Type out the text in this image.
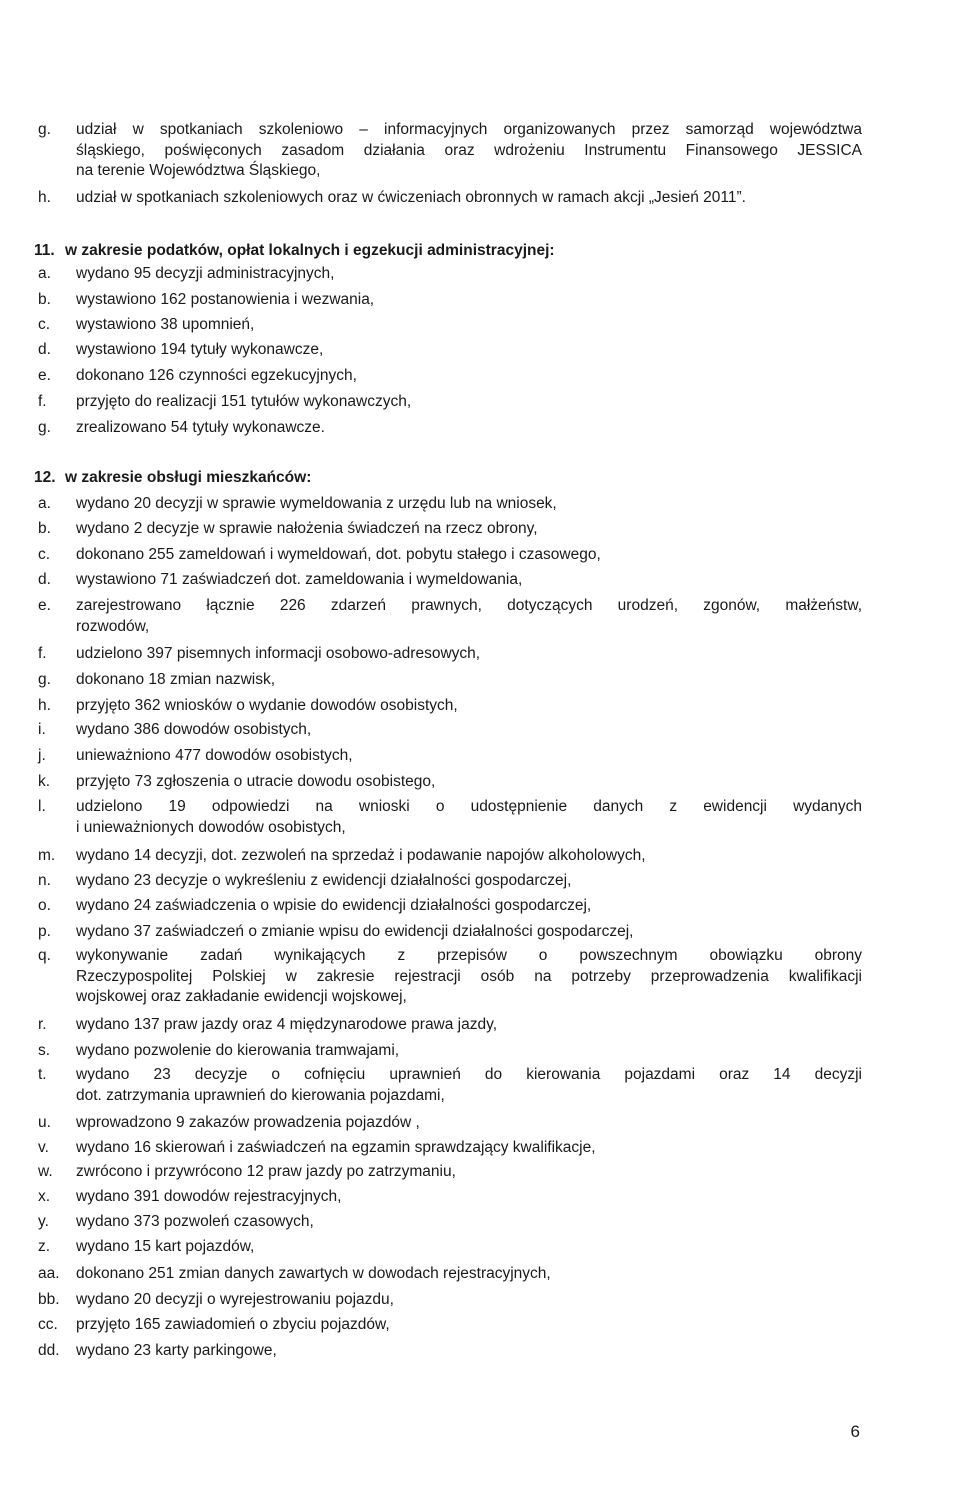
g. udział w spotkaniach szkoleniowo – informacyjnych organizowanych przez samorząd województwa
śląskiego, poświęconych zasadom działania oraz wdrożeniu Instrumentu Finansowego JESSICA
na terenie Województwa Śląskiego,
h. udział w spotkaniach szkoleniowych oraz w ćwiczeniach obronnych w ramach akcji „Jesień 2011”.
11. w zakresie podatków, opłat lokalnych i egzekucji administracyjnej:
a. wydano 95 decyzji administracyjnych,
b. wystawiono 162 postanowienia i wezwania,
c. wystawiono 38 upomnień,
d. wystawiono 194 tytuły wykonawcze,
e. dokonano 126 czynności egzekucyjnych,
f. przyjęto do realizacji 151 tytułów wykonawczych,
g. zrealizowano 54 tytuły wykonawcze.
12. w zakresie obsługi mieszkańców:
a. wydano 20 decyzji w sprawie wymeldowania z urzędu lub na wniosek,
b. wydano 2 decyzje w sprawie nałożenia świadczeń na rzecz obrony,
c. dokonano 255 zameldowań i wymeldowań, dot. pobytu stałego i czasowego,
d. wystawiono 71 zaświadczeń dot. zameldowania i wymeldowania,
e. zarejestrowano łącznie 226 zdarzeń prawnych, dotyczących urodzeń, zgonów, małżeństw,
rozwodów,
f. udzielono 397 pisemnych informacji osobowo-adresowych,
g. dokonano 18 zmian nazwisk,
h. przyjęto 362 wniosków o wydanie dowodów osobistych,
i. wydano 386 dowodów osobistych,
j. unieważniono 477 dowodów osobistych,
k. przyjęto 73 zgłoszenia o utracie dowodu osobistego,
l. udzielono 19 odpowiedzi na wnioski o udostępnienie danych z ewidencji wydanych
i unieważnionych dowodów osobistych,
m. wydano 14 decyzji, dot. zezwoleń na sprzedaż i podawanie napojów alkoholowych,
n. wydano 23 decyzje o wykreśleniu z ewidencji działalności gospodarczej,
o. wydano 24 zaświadczenia o wpisie do ewidencji działalności gospodarczej,
p. wydano 37 zaświadczeń o zmianie wpisu do ewidencji działalności gospodarczej,
q. wykonywanie zadań wynikających z przepisów o powszechnym obowiązku obrony
Rzeczypospolitej Polskiej w zakresie rejestracji osób na potrzeby przeprowadzenia kwalifikacji
wojskowej oraz zakładanie ewidencji wojskowej,
r. wydano 137 praw jazdy oraz 4 międzynarodowe prawa jazdy,
s. wydano pozwolenie do kierowania tramwajami,
t. wydano 23 decyzje o cofnięciu uprawnień do kierowania pojazdami oraz 14 decyzji
dot. zatrzymania uprawnień do kierowania pojazdami,
u. wprowadzono 9 zakazów prowadzenia pojazdów ,
v. wydano 16 skierowań i zaświadczeń na egzamin sprawdzający kwalifikacje,
w. zwrócono i przywrócono 12 praw jazdy po zatrzymaniu,
x. wydano 391 dowodów rejestracyjnych,
y. wydano 373 pozwoleń czasowych,
z. wydano 15 kart pojazdów,
aa. dokonano 251 zmian danych zawartych w dowodach rejestracyjnych,
bb. wydano 20 decyzji o wyrejestrowaniu pojazdu,
cc. przyjęto 165 zawiadomień o zbyciu pojazdów,
dd. wydano 23 karty parkingowe,
6
